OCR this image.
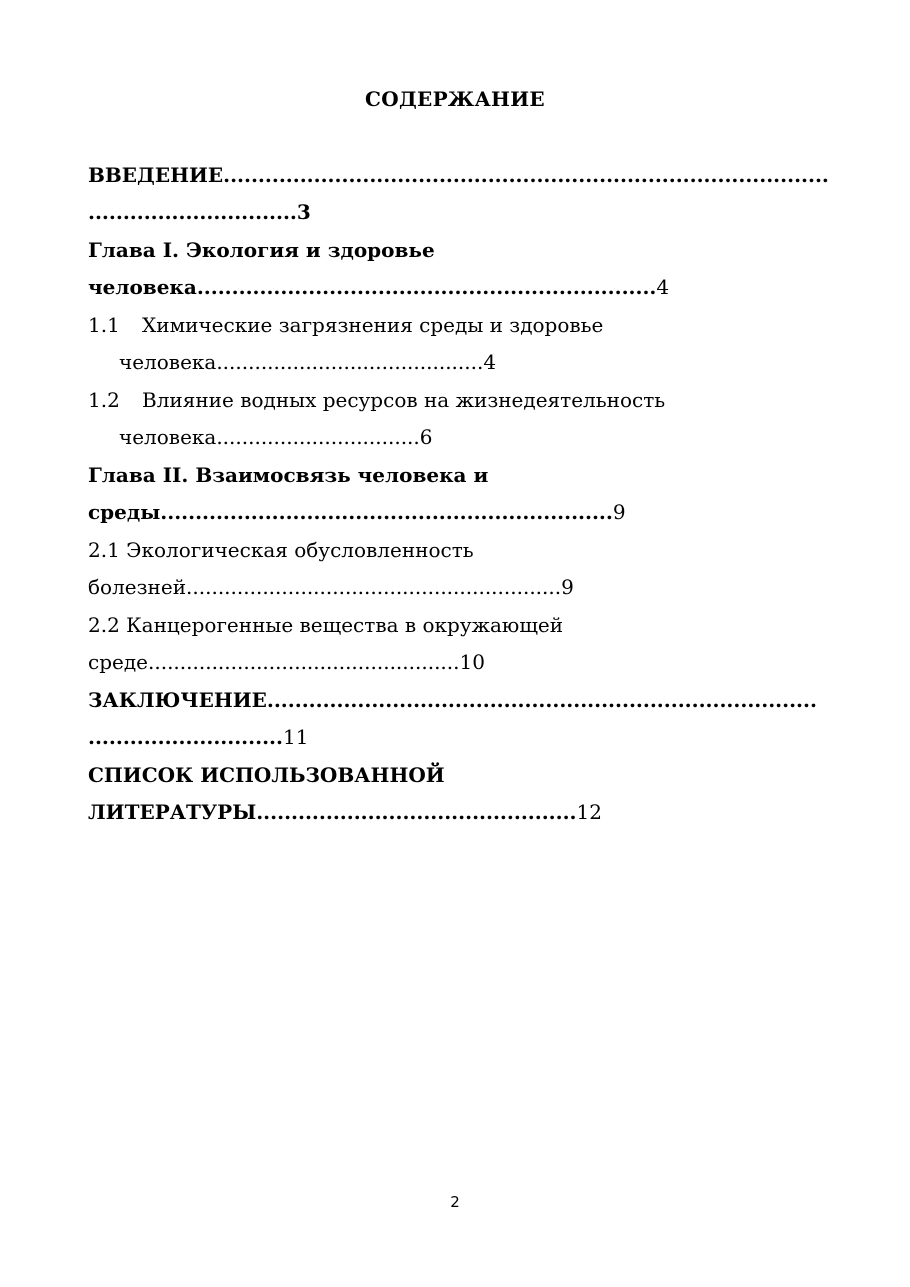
СОДЕРЖАНИЕ
ВВЕДЕНИЕ.......................................................................................
..............................3
Глава I. Экология и здоровье
человека..................................................................4
1.1 Химические загрязнения среды и здоровье
человека..........................................4
1.2 Влияние водных ресурсов на жизнедеятельность
человека................................6
Глава II. Взаимосвязь человека и
среды.................................................................9
2.1 Экологическая обусловленность
болезней...........................................................9
2.2 Канцерогенные вещества в окружающей
среде.................................................10
ЗАКЛЮЧЕНИЕ...............................................................................
............................11
СПИСОК ИСПОЛЬЗОВАННОЙ
ЛИТЕРАТУРЫ..............................................12
2
